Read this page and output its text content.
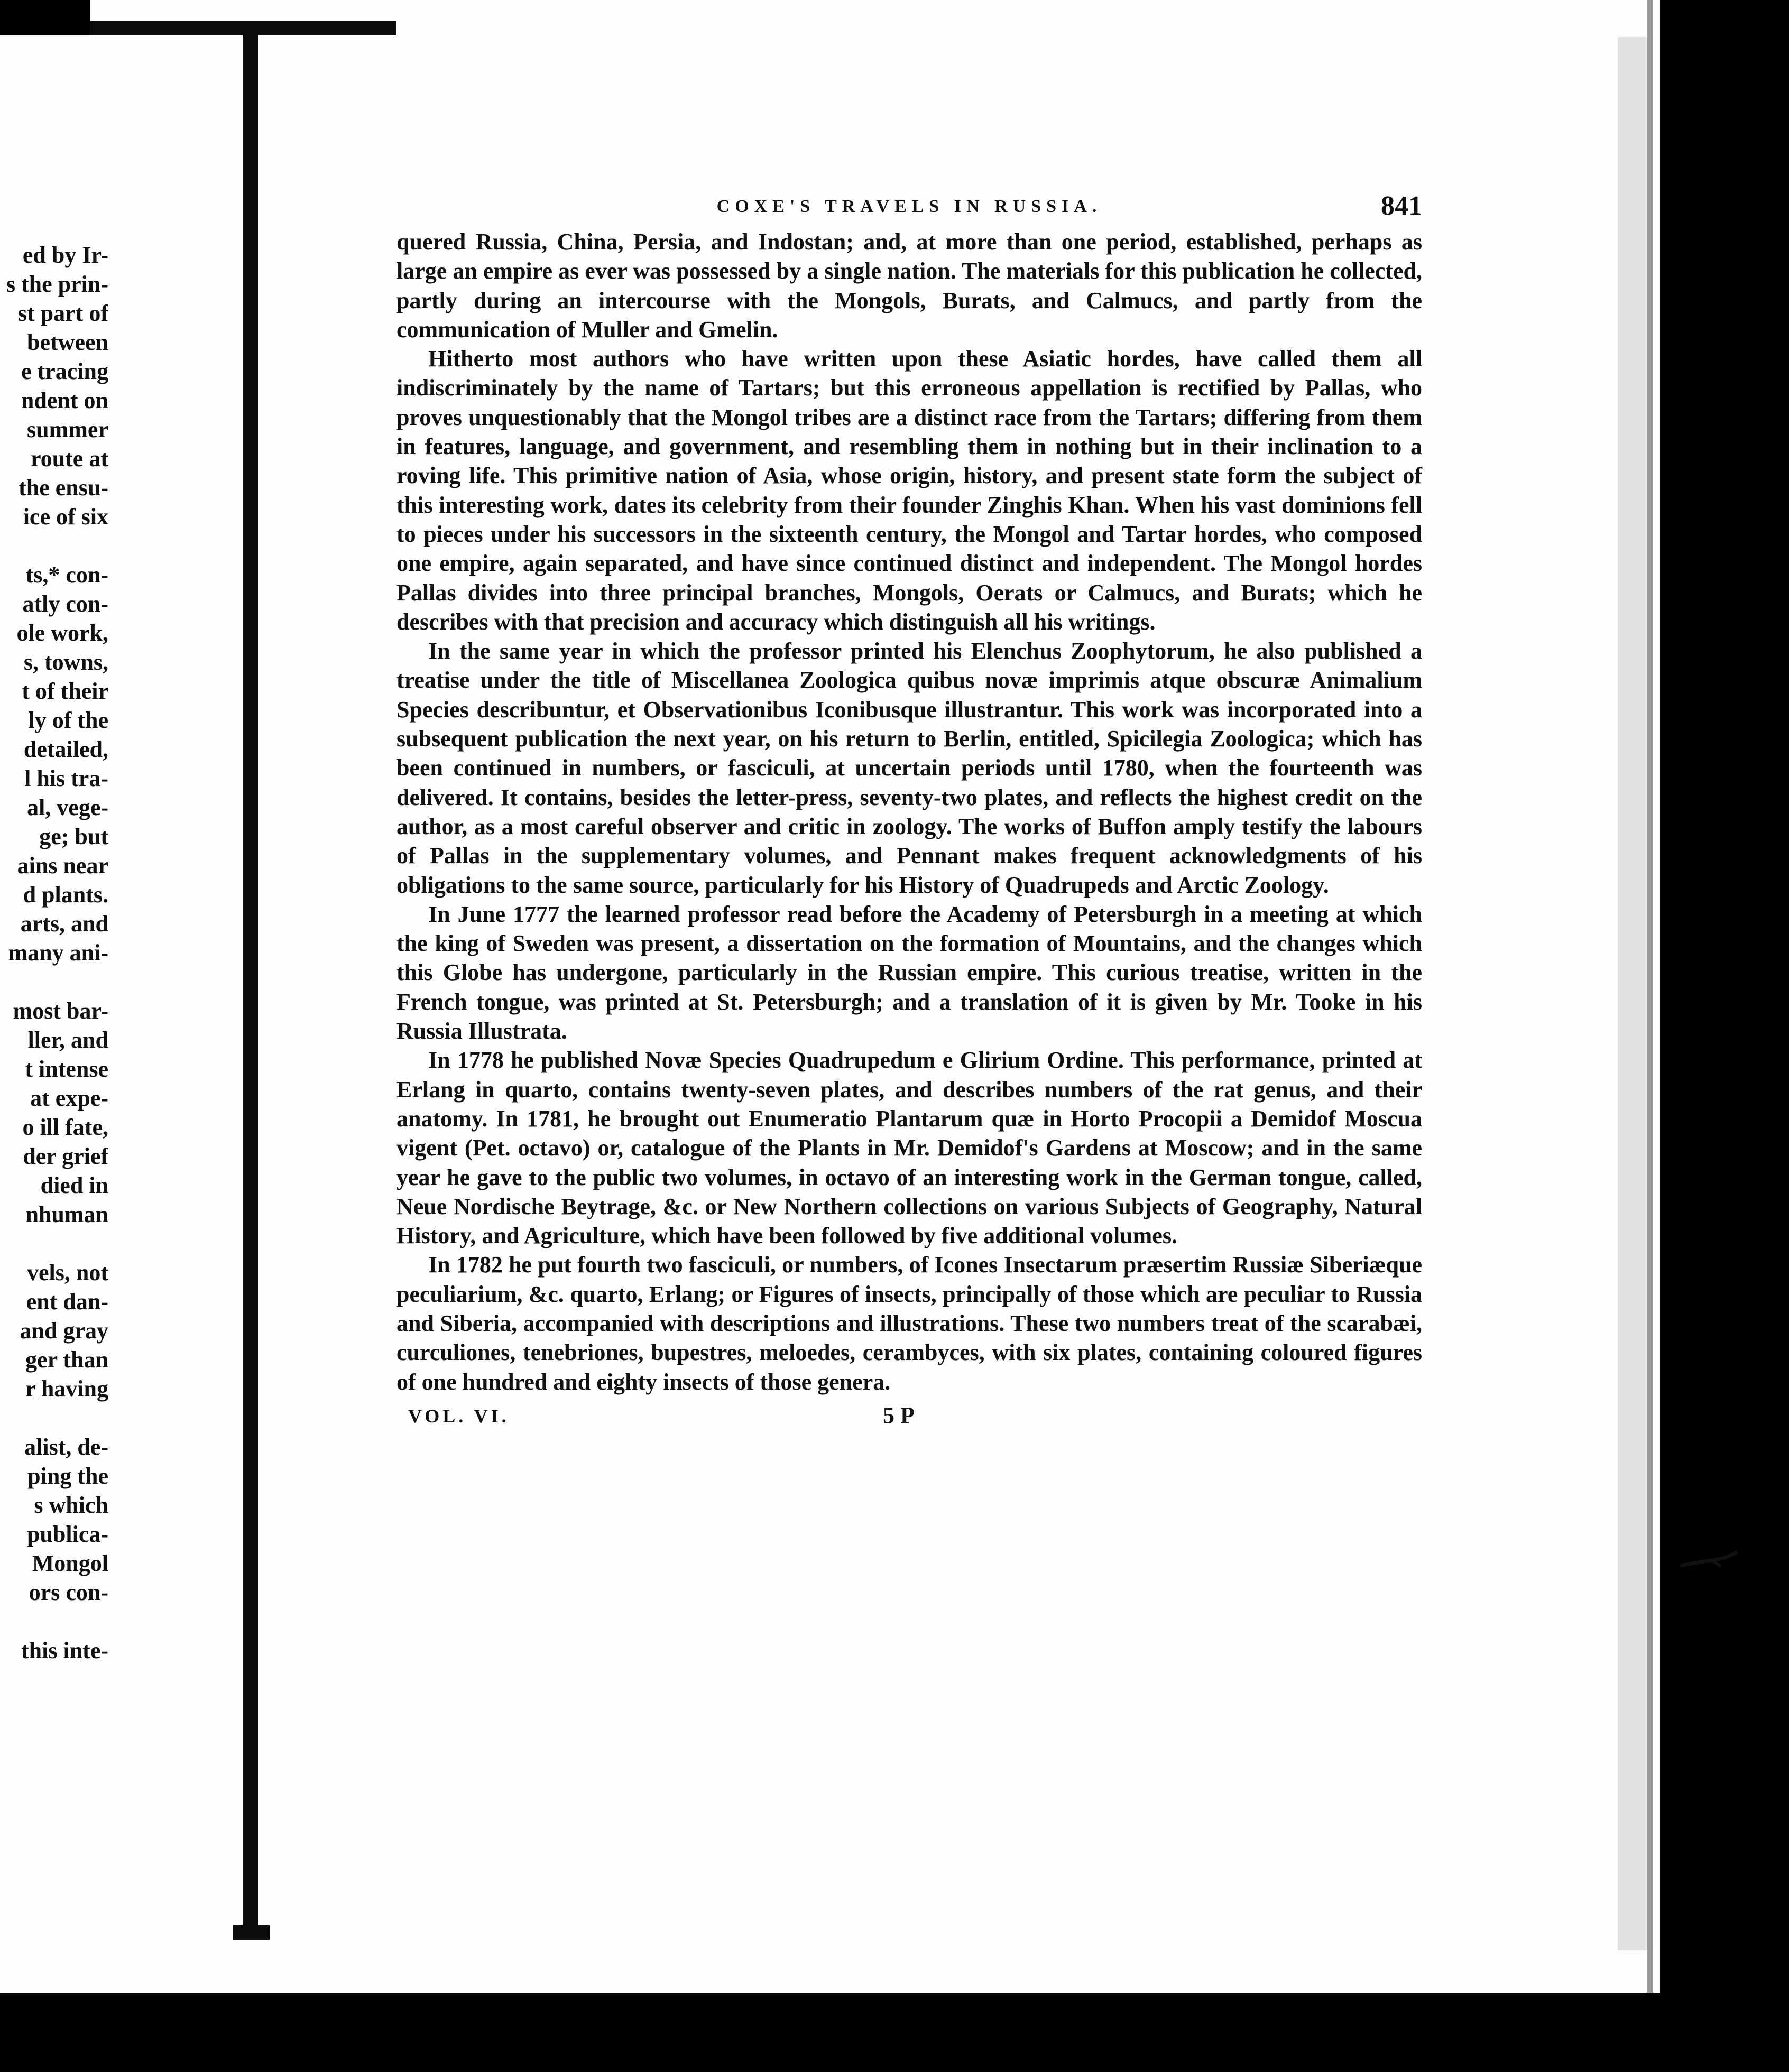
ed by Ir-
s the prin-
st part of
between
e tracing
ndent on
summer
route at
the ensu-
ice of six
ts,* con-
atly con-
ole work,
s, towns,
t of their
ly of the
detailed,
l his tra-
al, vege-
ge; but
ains near
d plants.
arts, and
many ani-
most bar-
ller, and
t intense
at expe-
o ill fate,
der grief
died in
nhuman
vels, not
ent dan-
and gray
ger than
r having
alist, de-
ping the
s which
publica-
Mongol
ors con-
this inte-
COXE'S TRAVELS IN RUSSIA.	841

quered Russia, China, Persia, and Indostan; and, at more than one period, established, perhaps as large an empire as ever was possessed by a single nation. The materials for this publication he collected, partly during an intercourse with the Mongols, Burats, and Calmucs, and partly from the communication of Muller and Gmelin.

Hitherto most authors who have written upon these Asiatic hordes, have called them all indiscriminately by the name of Tartars; but this erroneous appellation is rectified by Pallas, who proves unquestionably that the Mongol tribes are a distinct race from the Tartars; differing from them in features, language, and government, and resembling them in nothing but in their inclination to a roving life. This primitive nation of Asia, whose origin, history, and present state form the subject of this interesting work, dates its celebrity from their founder Zinghis Khan. When his vast dominions fell to pieces under his successors in the sixteenth century, the Mongol and Tartar hordes, who composed one empire, again separated, and have since continued distinct and independent. The Mongol hordes Pallas divides into three principal branches, Mongols, Oerats or Calmucs, and Burats; which he describes with that precision and accuracy which distinguish all his writings.

In the same year in which the professor printed his Elenchus Zoophytorum, he also published a treatise under the title of Miscellanea Zoologica quibus novæ imprimis atque obscuræ Animalium Species describuntur, et Observationibus Iconibusque illustrantur. This work was incorporated into a subsequent publication the next year, on his return to Berlin, entitled, Spicilegia Zoologica; which has been continued in numbers, or fasciculi, at uncertain periods until 1780, when the fourteenth was delivered. It contains, besides the letter-press, seventy-two plates, and reflects the highest credit on the author, as a most careful observer and critic in zoology. The works of Buffon amply testify the labours of Pallas in the supplementary volumes, and Pennant makes frequent acknowledgments of his obligations to the same source, particularly for his History of Quadrupeds and Arctic Zoology.

In June 1777 the learned professor read before the Academy of Petersburgh in a meeting at which the king of Sweden was present, a dissertation on the formation of Mountains, and the changes which this Globe has undergone, particularly in the Russian empire. This curious treatise, written in the French tongue, was printed at St. Petersburgh; and a translation of it is given by Mr. Tooke in his Russia Illustrata.

In 1778 he published Novæ Species Quadrupedum e Glirium Ordine. This performance, printed at Erlang in quarto, contains twenty-seven plates, and describes numbers of the rat genus, and their anatomy. In 1781, he brought out Enumeratio Plantarum quæ in Horto Procopii a Demidof Moscua vigent (Pet. octavo) or, catalogue of the Plants in Mr. Demidof's Gardens at Moscow; and in the same year he gave to the public two volumes, in octavo of an interesting work in the German tongue, called, Neue Nordische Beytrage, &c. or New Northern collections on various Subjects of Geography, Natural History, and Agriculture, which have been followed by five additional volumes.

In 1782 he put fourth two fasciculi, or numbers, of Icones Insectarum præsertim Russiæ Siberiæque peculiarium, &c. quarto, Erlang; or Figures of insects, principally of those which are peculiar to Russia and Siberia, accompanied with descriptions and illustrations. These two numbers treat of the scarabæi, curculiones, tenebriones, bupestres, meloedes, cerambyces, with six plates, containing coloured figures of one hundred and eighty insects of those genera.

VOL. VI.	5 P
